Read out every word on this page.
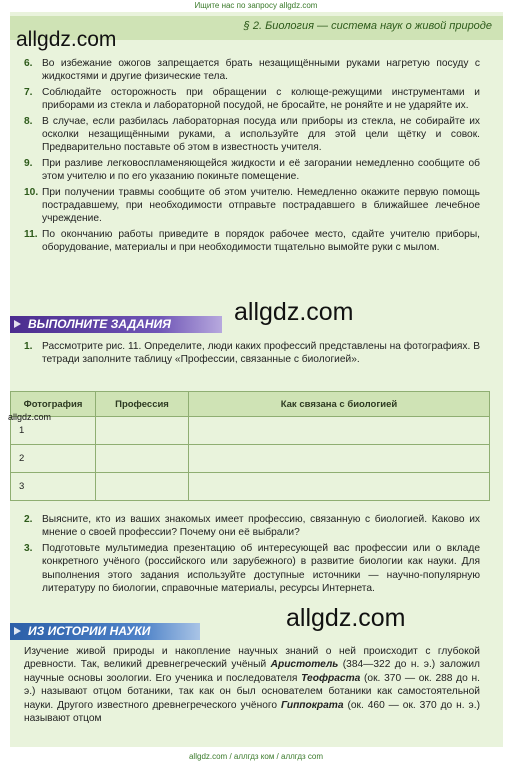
Ищите нас по запросу allgdz.com
§ 2. Биология — система наук о живой природе
6. Во избежание ожогов запрещается брать незащищёнными руками нагретую посуду с жидкостями и другие физические тела.
7. Соблюдайте осторожность при обращении с колюще-режущими инструментами и приборами из стекла и лабораторной посудой, не бросайте, не роняйте и не ударяйте их.
8. В случае, если разбилась лабораторная посуда или приборы из стекла, не собирайте их осколки незащищёнными руками, а используйте для этой цели щётку и совок. Предварительно поставьте об этом в известность учителя.
9. При разливе легковоспламеняющейся жидкости и её загорании немедленно сообщите об этом учителю и по его указанию покиньте помещение.
10. При получении травмы сообщите об этом учителю. Немедленно окажите первую помощь пострадавшему, при необходимости отправьте пострадавшего в ближайшее лечебное учреждение.
11. По окончанию работы приведите в порядок рабочее место, сдайте учителю приборы, оборудование, материалы и при необходимости тщательно вымойте руки с мылом.
ВЫПОЛНИТЕ ЗАДАНИЯ
1. Рассмотрите рис. 11. Определите, люди каких профессий представлены на фотографиях. В тетради заполните таблицу «Профессии, связанные с биологией».
Фотография	Профессия	Как связана с биологией
1		
2		
3		
2. Выясните, кто из ваших знакомых имеет профессию, связанную с биологией. Каково их мнение о своей профессии? Почему они её выбрали?
3. Подготовьте мультимедиа презентацию об интересующей вас профессии или о вкладе конкретного учёного (российского или зарубежного) в развитие биологии как науки. Для выполнения этого задания используйте доступные источники — научно-популярную литературу по биологии, справочные материалы, ресурсы Интернета.
ИЗ ИСТОРИИ НАУКИ
Изучение живой природы и накопление научных знаний о ней происходит с глубокой древности. Так, великий древнегреческий учёный Аристотель (384—322 до н. э.) заложил научные основы зоологии. Его ученика и последователя Теофраста (ок. 370 — ок. 288 до н. э.) называют отцом ботаники, так как он был основателем ботаники как самостоятельной науки. Другого известного древнегреческого учёного Гиппократа (ок. 460 — ок. 370 до н. э.) называют отцом
allgdz.com
allgdz.com
allgdz.com
allgdz.com
allgdz.com / аллгдз ком / аллгдз com
